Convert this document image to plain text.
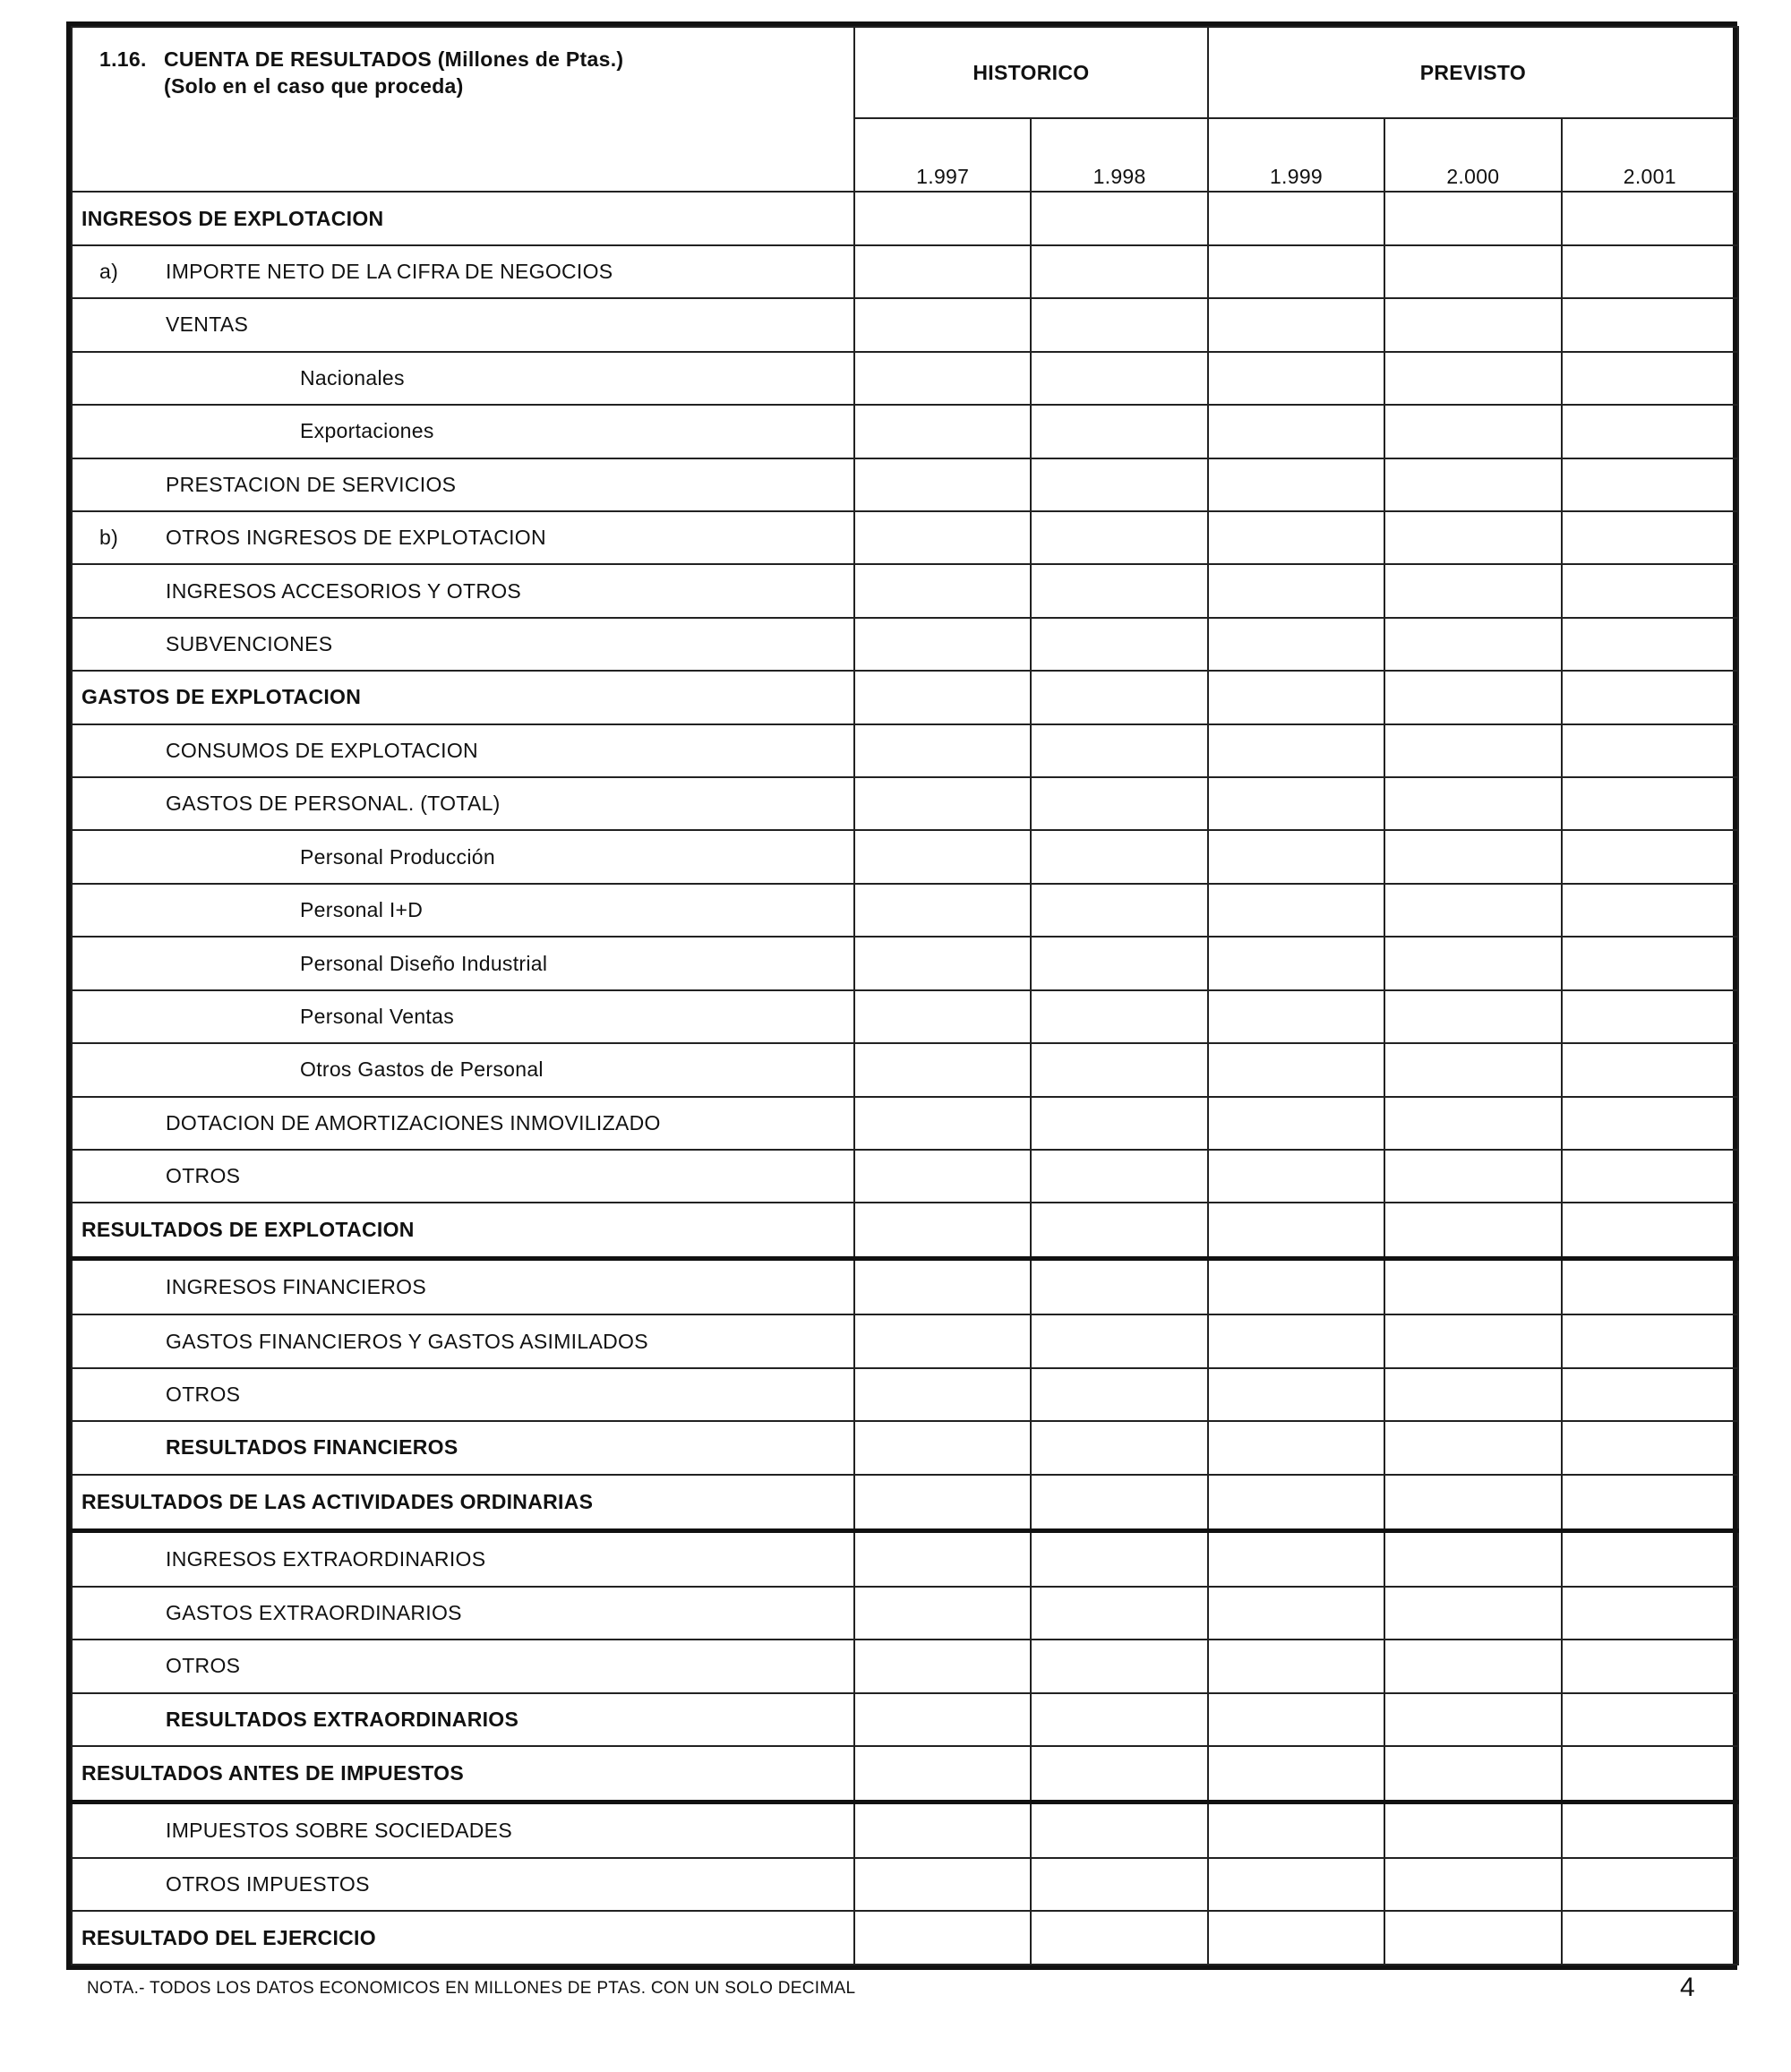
1.16. CUENTA DE RESULTADOS (Millones de Ptas.)
(Solo en el caso que proceda)	HISTORICO		PREVISTO		
	1.997	1.998	1.999	2.000	2.001
INGRESOS DE EXPLOTACION					
a) IMPORTE NETO DE LA CIFRA DE NEGOCIOS					
VENTAS					
Nacionales					
Exportaciones					
PRESTACION DE SERVICIOS					
b) OTROS INGRESOS DE EXPLOTACION					
INGRESOS ACCESORIOS Y OTROS					
SUBVENCIONES					
GASTOS DE EXPLOTACION					
CONSUMOS DE EXPLOTACION					
GASTOS DE PERSONAL. (TOTAL)					
Personal Producción					
Personal I+D					
Personal Diseño Industrial					
Personal Ventas					
Otros Gastos de Personal					
DOTACION DE AMORTIZACIONES INMOVILIZADO					
OTROS					
RESULTADOS DE EXPLOTACION					
INGRESOS FINANCIEROS					
GASTOS FINANCIEROS Y GASTOS ASIMILADOS					
OTROS					
RESULTADOS FINANCIEROS					
RESULTADOS DE LAS ACTIVIDADES ORDINARIAS					
INGRESOS EXTRAORDINARIOS					
GASTOS EXTRAORDINARIOS					
OTROS					
RESULTADOS EXTRAORDINARIOS					
RESULTADOS ANTES DE IMPUESTOS					
IMPUESTOS SOBRE SOCIEDADES					
OTROS IMPUESTOS					
RESULTADO DEL EJERCICIO					
NOTA.- TODOS LOS DATOS ECONOMICOS EN MILLONES DE PTAS. CON UN SOLO DECIMAL	4
